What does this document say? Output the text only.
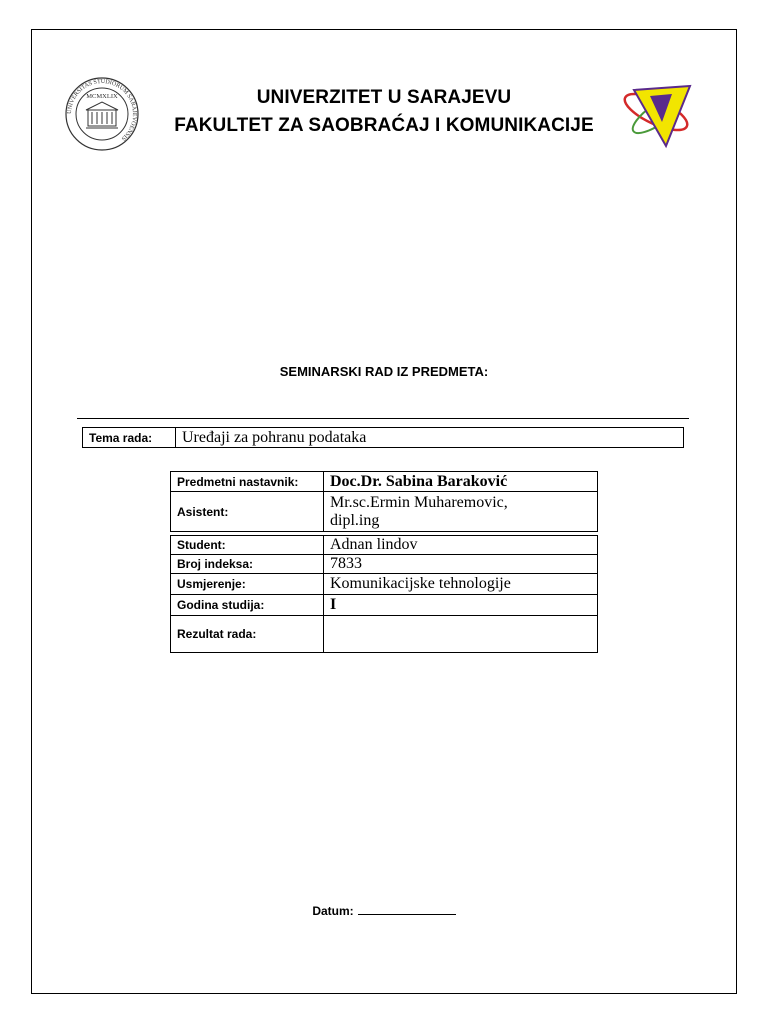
UNIVERSITAS STUDIORUM SARAJEVOENSIS
MCMXLIX	UNIVERZITET U SARAJEVU
FAKULTET ZA SAOBRAĆAJ I KOMUNIKACIJE
SEMINARSKI RAD IZ PREDMETA:
Tema rada:	Uređaji za pohranu podataka
Predmetni nastavnik:	Doc.Dr. Sabina Baraković
Asistent:	Mr.sc.Ermin Muharemovic,
dipl.ing
Student:	Adnan lindov
Broj indeksa:	7833
Usmjerenje:	Komunikacijske tehnologije
Godina studija:	I
Rezultat rada:	
Datum:
